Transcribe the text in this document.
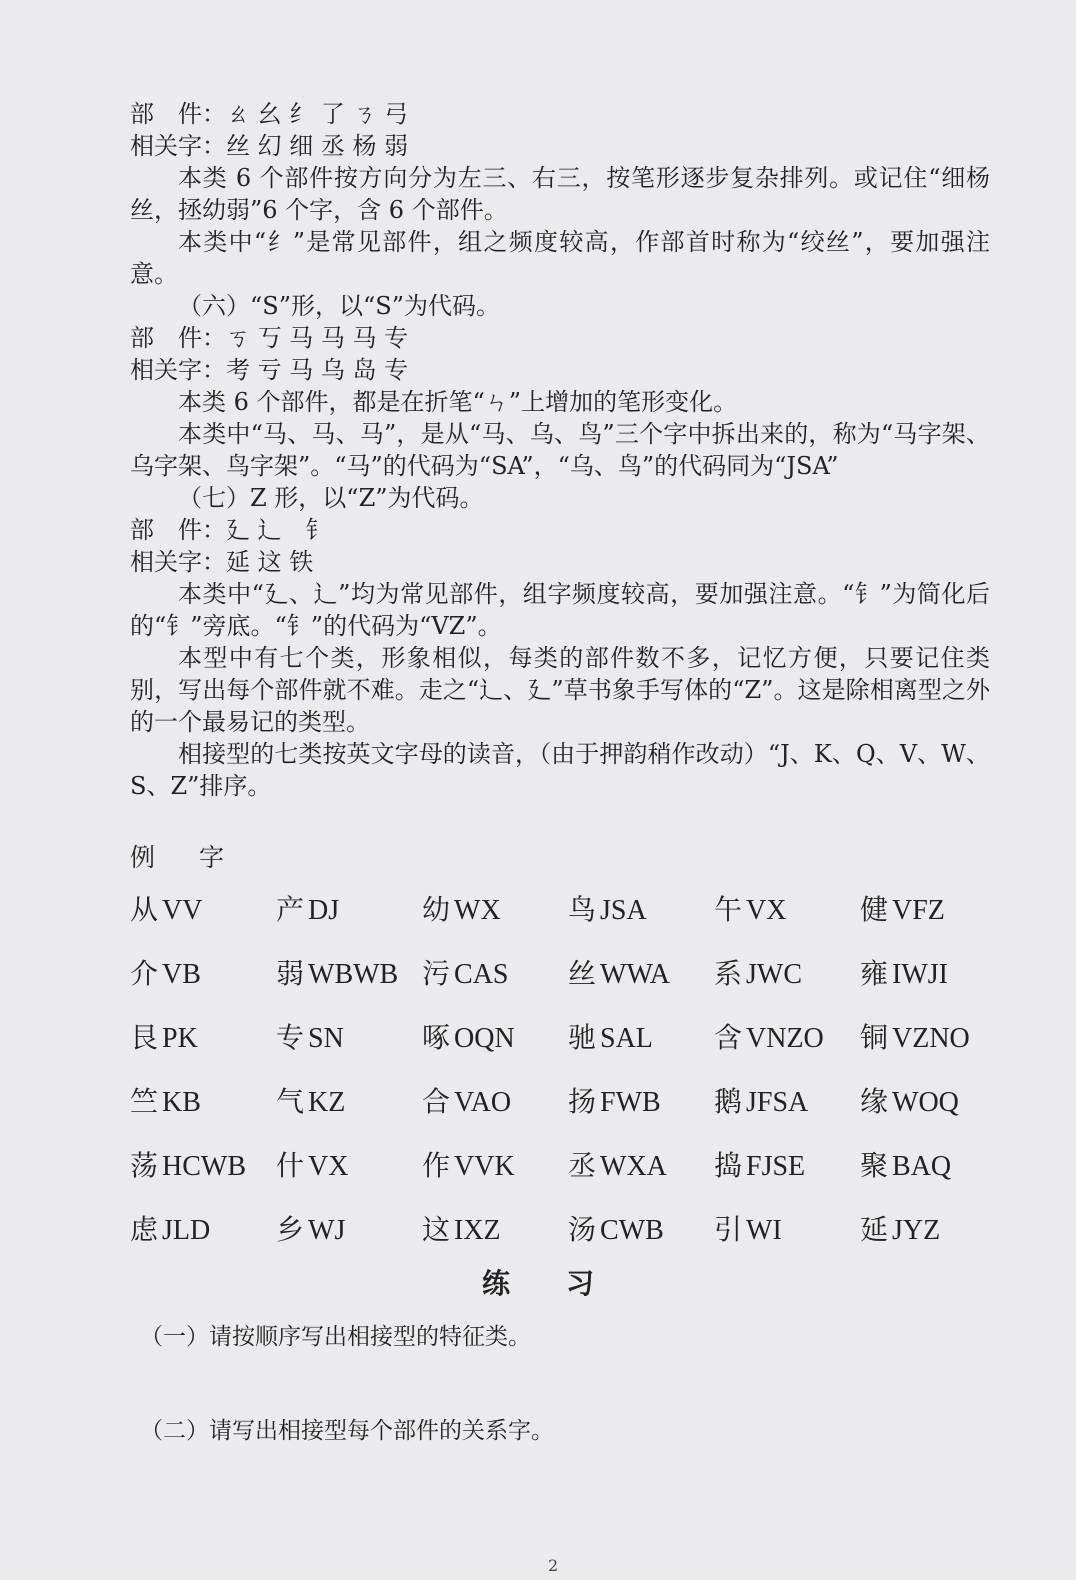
部　件：ㄠ 幺 纟 了 ㄋ 弓
相关字：丝 幻 细 丞 杨 弱

本类 6 个部件按方向分为左三、右三，按笔形逐步复杂排列。或记住“细杨丝，拯幼弱”6 个字，含 6 个部件。

本类中“纟”是常见部件，组之频度较高，作部首时称为“绞丝”，要加强注意。

（六）“S”形，以“S”为代码。
部　件：ㄎ 丂 马 马 马 专
相关字：考 亏 马 乌 岛 专

本类 6 个部件，都是在折笔“ㄣ”上增加的笔形变化。

本类中“马、马、马”，是从“马、乌、鸟”三个字中拆出来的，称为“马字架、乌字架、鸟字架”。“马”的代码为“SA”，“乌、鸟”的代码同为“JSA”

（七）Z 形，以“Z”为代码。
部　件：廴 辶　钅
相关字：延 这 铁

本类中“廴、辶”均为常见部件，组字频度较高，要加强注意。“钅”为简化后的“钅”旁底。“钅”的代码为“VZ”。

本型中有七个类，形象相似，每类的部件数不多，记忆方便，只要记住类别，写出每个部件就不难。走之“辶、廴”草书象手写体的“Z”。这是除相离型之外的一个最易记的类型。

相接型的七类按英文字母的读音，（由于押韵稍作改动）“J、K、Q、V、W、S、Z”排序。

例 字
从 VV	产 DJ	幼 WX	鸟 JSA	午 VX	健 VFZ
介 VB	弱 WBWB 污 CAS	丝 WWA	系 JWC	雍 IWJI
艮 PK	专 SN	啄 OQN	驰 SAL	含 VNZO	铜 VZNO
竺 KB	气 KZ	合 VAO	扬 FWB	鹅 JFSA	缘 WOQ
荡 HCWB	什 VX	作 VVK	丞 WXA	捣 FJSE	聚 BAQ
虑 JLD	乡 WJ	这 IXZ	汤 CWB	引 WI	延 JYZ
练 习
（一）请按顺序写出相接型的特征类。
（二）请写出相接型每个部件的关系字。
2
